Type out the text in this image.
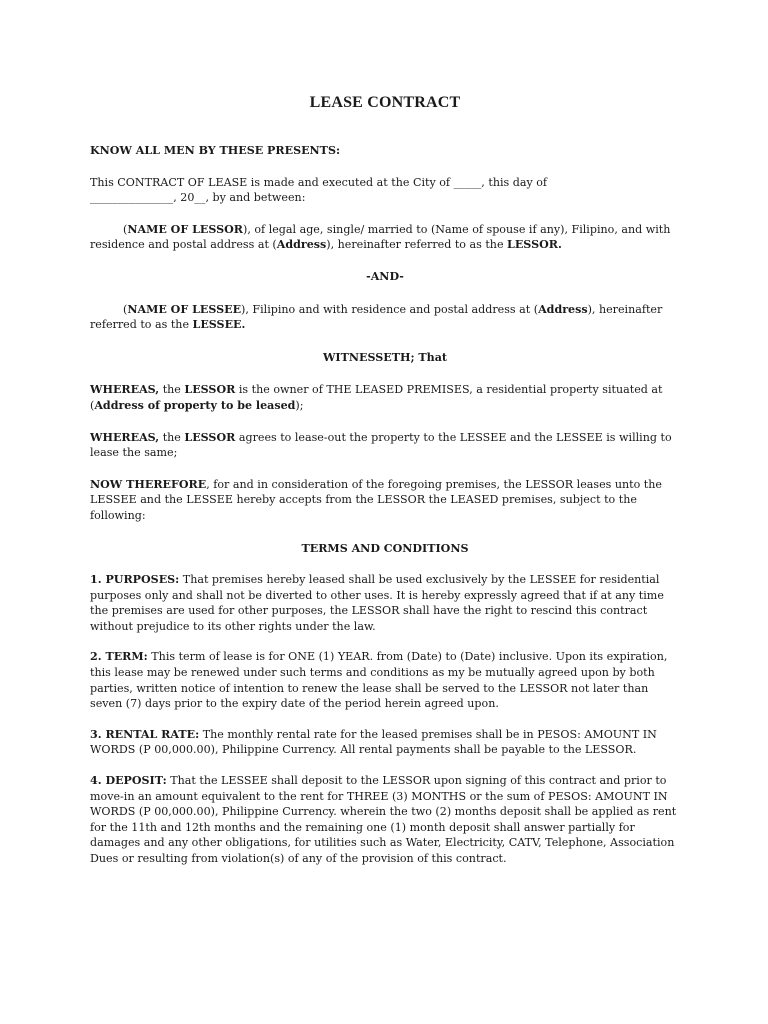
LEASE CONTRACT

KNOW ALL MEN BY THESE PRESENTS:

This CONTRACT OF LEASE is made and executed at the City of _____, this day of
_______________, 20__, by and between:

(NAME OF LESSOR), of legal age, single/ married to (Name of spouse if any), Filipino, and with residence and postal address at (Address), hereinafter referred to as the LESSOR.

-AND-

(NAME OF LESSEE), Filipino and with residence and postal address at (Address), hereinafter referred to as the LESSEE.

WITNESSETH; That

WHEREAS, the LESSOR is the owner of THE LEASED PREMISES, a residential property situated at (Address of property to be leased);

WHEREAS, the LESSOR agrees to lease-out the property to the LESSEE and the LESSEE is willing to lease the same;

NOW THEREFORE, for and in consideration of the foregoing premises, the LESSOR leases unto the LESSEE and the LESSEE hereby accepts from the LESSOR the LEASED premises, subject to the following:

TERMS AND CONDITIONS

1. PURPOSES: That premises hereby leased shall be used exclusively by the LESSEE for residential purposes only and shall not be diverted to other uses. It is hereby expressly agreed that if at any time the premises are used for other purposes, the LESSOR shall have the right to rescind this contract without prejudice to its other rights under the law.

2. TERM: This term of lease is for ONE (1) YEAR. from (Date) to (Date) inclusive. Upon its expiration, this lease may be renewed under such terms and conditions as my be mutually agreed upon by both parties, written notice of intention to renew the lease shall be served to the LESSOR not later than seven (7) days prior to the expiry date of the period herein agreed upon.

3. RENTAL RATE: The monthly rental rate for the leased premises shall be in PESOS: AMOUNT IN WORDS (P 00,000.00), Philippine Currency. All rental payments shall be payable to the LESSOR.

4. DEPOSIT: That the LESSEE shall deposit to the LESSOR upon signing of this contract and prior to move-in an amount equivalent to the rent for THREE (3) MONTHS or the sum of PESOS: AMOUNT IN WORDS (P 00,000.00), Philippine Currency. wherein the two (2) months deposit shall be applied as rent for the 11th and 12th months and the remaining one (1) month deposit shall answer partially for damages and any other obligations, for utilities such as Water, Electricity, CATV, Telephone, Association Dues or resulting from violation(s) of any of the provision of this contract.
